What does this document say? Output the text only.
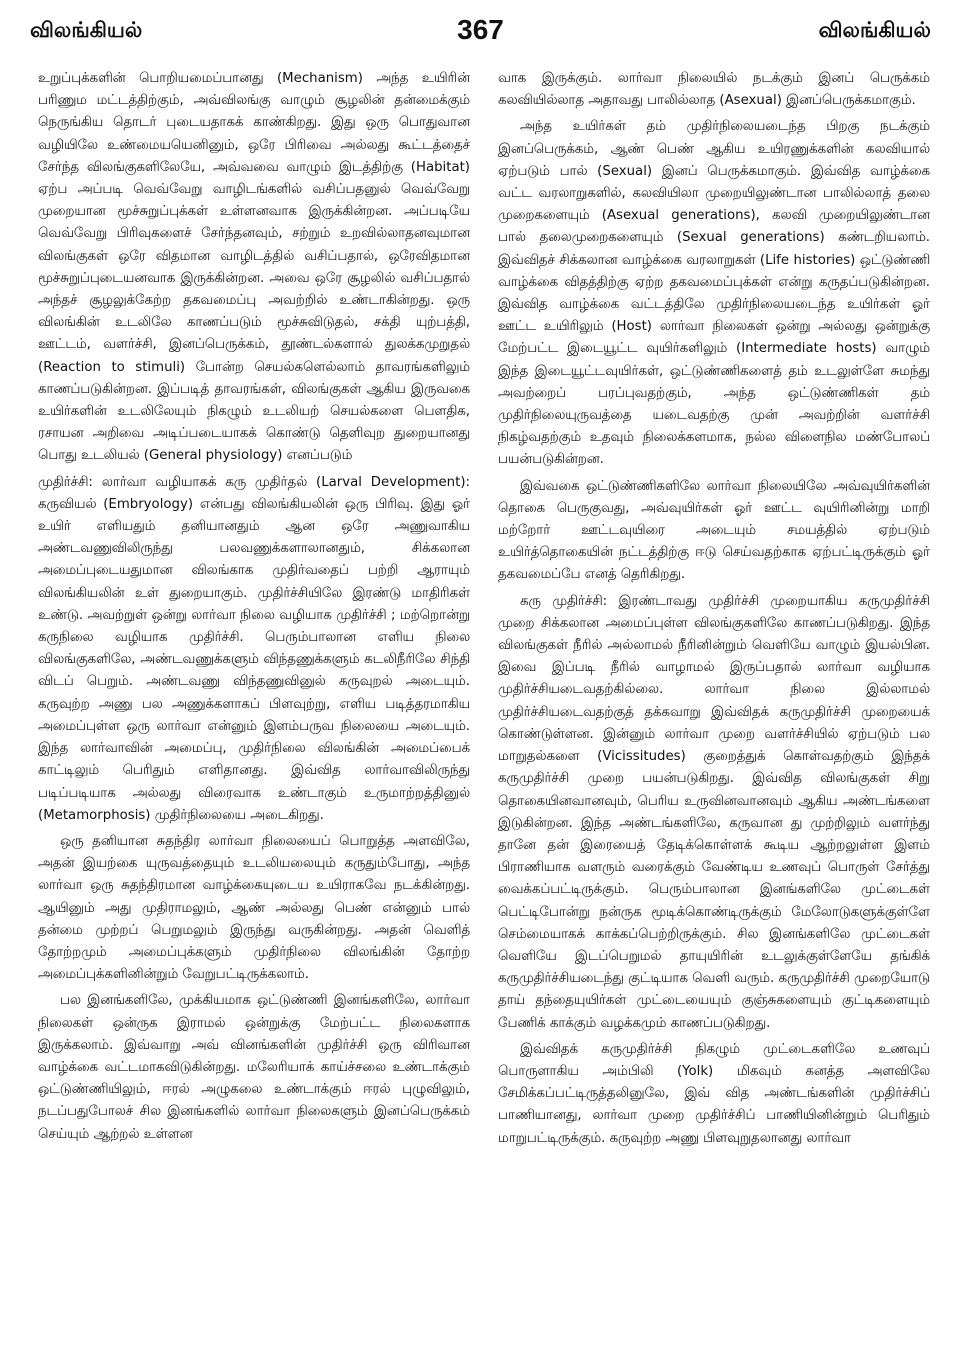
விலங்கியல்	367	விலங்கியல்

உறுப்புக்களின் பொறியமைப்பானது (Mechanism) அந்த உயிரின் பரிணும மட்டத்திற்கும், அவ்விலங்கு வாழும் சூழலின் தன்மைக்கும் நெருங்கிய தொடர் புடையதாகக் காண்கிறது. இது ஒரு பொதுவான வழியிலே உண்மையயெனினும், ஒரே பிரிவை அல்லது கூட்டத்தைச் சேர்ந்த விலங்குகளிலேயே, அவ்வவை வாழும் இடத்திற்கு (Habitat) ஏற்ப அப்படி வெவ்வேறு வாழிடங்களில் வசிப்பதனுல் வெவ்வேறு முறையான மூச்சுறுப்புக்கள் உள்ளனவாக இருக்கின்றன. அப்படியே வெவ்வேறு பிரிவுகளைச் சேர்ந்தனவும், சற்றும் உறவில்லாதனவுமான விலங்குகள் ஒரே விதமான வாழிடத்தில் வசிப்பதால், ஒரேவிதமான மூச்சுறுப்புடையனவாக இருக்கின்றன. அவை ஒரே சூழலில் வசிப்பதால் அந்தச் சூழலுக்கேற்ற தகவமைப்பு அவற்றில் உண்டாகின்றது. ஒரு விலங்கின் உடலிலே காணப்படும் மூச்சுவிடுதல், சக்தி யுற்பத்தி, ஊட்டம், வளர்ச்சி, இனப்பெருக்கம், தூண்டல்களால் துலக்கமுறுதல் (Reaction to stimuli) போன்ற செயல்களெல்லாம் தாவரங்களிலும் காணப்படுகின்றன. இப்படித் தாவரங்கள், விலங்குகள் ஆகிய இருவகை உயிர்களின் உடலிலேயும் நிகழும் உடலியற் செயல்களை பௌதிக, ரசாயன அறிவை அடிப்படையாகக் கொண்டு தெளிவுற துறையானது பொது உடலியல் (General physiology) எனப்படும்

முதிர்ச்சி: லார்வா வழியாகக் கரு முதிர்தல் (Larval Development): கருவியல் (Embryology) என்பது விலங்கியலின் ஒரு பிரிவு. இது ஓர் உயிர் எளியதும் தனியானதும் ஆன ஒரே அணுவாகிய அண்டவணுவிலிருந்து பலவணுக்களாலானதும், சிக்கலான அமைப்புடையதுமான விலங்காக முதிர்வதைப் பற்றி ஆராயும் விலங்கியலின் உள் துறையாகும். முதிர்ச்சியிலே இரண்டு மாதிரிகள் உண்டு. அவற்றுள் ஒன்று லார்வா நிலை வழியாக முதிர்ச்சி ; மற்றொன்று கருநிலை வழியாக முதிர்ச்சி. பெரும்பாலான எளிய நிலை விலங்குகளிலே, அண்டவணுக்களும் விந்தணுக்களும் கடலிநீரிலே சிந்தி விடப் பெறும். அண்டவணு விந்தணுவினுல் கருவுறல் அடையும். கருவுற்ற அணு பல அணுக்களாகப் பிளவுற்று, எளிய படித்தரமாகிய அமைப்புள்ள ஒரு லார்வா என்னும் இளம்பருவ நிலையை அடையும். இந்த லார்வாவின் அமைப்பு, முதிர்நிலை விலங்கின் அமைப்பைக் காட்டிலும் பெரிதும் எளிதானது. இவ்வித லார்வாவிலிருந்து படிப்படியாக அல்லது விரைவாக உண்டாகும் உருமாற்றத்தினுல் (Metamorphosis) முதிர்நிலையை அடைகிறது.

ஒரு தனியான சுதந்திர லார்வா நிலையைப் பொறுத்த அளவிலே, அதன் இயற்கை யுருவத்தையும் உடலியலையும் கருதும்போது, அந்த லார்வா ஒரு சுதந்திரமான வாழ்க்கையுடைய உயிராகவே நடக்கின்றது. ஆயினும் அது முதிராமலும், ஆண் அல்லது பெண் என்னும் பால் தன்மை முற்றப் பெறுமலும் இருந்து வருகின்றது. அதன் வெளித் தோற்றமும் அமைப்புக்களும் முதிர்நிலை விலங்கின் தோற்ற அமைப்புக்களினின்றும் வேறுபட்டிருக்கலாம்.

பல இனங்களிலே, முக்கியமாக ஒட்டுண்ணி இனங்களிலே, லார்வா நிலைகள் ஒன்ருக இராமல் ஒன்றுக்கு மேற்பட்ட நிலைகளாக இருக்கலாம். இவ்வாறு அவ் வினங்களின் முதிர்ச்சி ஒரு விரிவான வாழ்க்கை வட்டமாகவிடுகின்றது. மலேரியாக் காய்ச்சலை உண்டாக்கும் ஒட்டுண்ணியிலும், ஈரல் அழுகலை உண்டாக்கும் ஈரல் புழுவிலும், நடப்பதுபோலச் சில இனங்களில் லார்வா நிலைகளும் இனப்பெருக்கம் செய்யும் ஆற்றல் உள்ளன

வாக இருக்கும். லார்வா நிலையில் நடக்கும் இனப் பெருக்கம் கலவியில்லாத அதாவது பாலில்லாத (Asexual) இனப்பெருக்கமாகும்.

அந்த உயிர்கள் தம் முதிர்நிலையடைந்த பிறகு நடக்கும் இனப்பெருக்கம், ஆண் பெண் ஆகிய உயிரணுக்களின் கலவியால் ஏற்படும் பால் (Sexual) இனப் பெருக்கமாகும். இவ்வித வாழ்க்கை வட்ட வரலாறுகளில், கலவியிலா முறையிலுண்டான பாலில்லாத் தலை முறைகளையும் (Asexual generations), கலவி முறையிலுண்டான பால் தலைமுறைகளையும் (Sexual generations) கண்டறியலாம். இவ்விதச் சிக்கலான வாழ்க்கை வரலாறுகள் (Life histories) ஒட்டுண்ணி வாழ்க்கை விதத்திற்கு ஏற்ற தகவமைப்புக்கள் என்று கருதப்படுகின்றன. இவ்வித வாழ்க்கை வட்டத்திலே முதிர்நிலையடைந்த உயிர்கள் ஓர் ஊட்ட உயிரிலும் (Host) லார்வா நிலைகள் ஒன்று அல்லது ஒன்றுக்கு மேற்பட்ட இடையூட்ட வுயிர்களிலும் (Intermediate hosts) வாழும் இந்த இடையூட்டவுயிர்கள், ஒட்டுண்ணிகளைத் தம் உடலுள்ளே சுமந்து அவற்றைப் பரப்புவதற்கும், அந்த ஒட்டுண்ணிகள் தம் முதிர்நிலையுருவத்தை யடைவதற்கு முன் அவற்றின் வளர்ச்சி நிகழ்வதற்கும் உதவும் நிலைக்களமாக, நல்ல விளைநில மண்போலப் பயன்படுகின்றன.

இவ்வகை ஒட்டுண்ணிகளிலே லார்வா நிலையிலே அவ்வுயிர்களின் தொகை பெருகுவது, அவ்வுயிர்கள் ஓர் ஊட்ட வுயிரினின்று மாறி மற்றோர் ஊட்டவுயிரை அடையும் சமயத்தில் ஏற்படும் உயிர்த்தொகையின் நட்டத்திற்கு ஈடு செய்வதற்காக ஏற்பட்டிருக்கும் ஓர் தகவமைப்பே எனத் தெரிகிறது.

கரு முதிர்ச்சி: இரண்டாவது முதிர்ச்சி முறையாகிய கருமுதிர்ச்சி முறை சிக்கலான அமைப்புள்ள விலங்குகளிலே காணப்படுகிறது. இந்த விலங்குகள் நீரில் அல்லாமல் நீரினின்றும் வெளியே வாழும் இயல்பின. இவை இப்படி நீரில் வாழாமல் இருப்பதால் லார்வா வழியாக முதிர்ச்சியடைவதற்கில்லை. லார்வா நிலை இல்லாமல் முதிர்ச்சியடைவதற்குத் தக்கவாறு இவ்விதக் கருமுதிர்ச்சி முறையைக் கொண்டுள்ளன. இன்னும் லார்வா முறை வளர்ச்சியில் ஏற்படும் பல மாறுதல்களை (Vicissitudes) குறைத்துக் கொள்வதற்கும் இந்தக் கருமுதிர்ச்சி முறை பயன்படுகிறது. இவ்வித விலங்குகள் சிறு தொகையினவானவும், பெரிய உருவினவானவும் ஆகிய அண்டங்களை இடுகின்றன. இந்த அண்டங்களிலே, கருவான து முற்றிலும் வளர்ந்து தானே தன் இரையைத் தேடிக்கொள்ளக் கூடிய ஆற்றலுள்ள இளம் பிராணியாக வளரும் வரைக்கும் வேண்டிய உணவுப் பொருள் சேர்த்து வைக்கப்பட்டிருக்கும். பெரும்பாலான இனங்களிலே முட்டைகள் பெட்டிபோன்று நன்ருக மூடிக்கொண்டிருக்கும் மேலோடுகளுக்குள்ளே செம்மையாகக் காக்கப்பெற்றிருக்கும். சில இனங்களிலே முட்டைகள் வெளியே இடப்பெறுமல் தாயுயிரின் உடலுக்குள்ளேயே தங்கிக் கருமுதிர்ச்சியடைந்து குட்டியாக வெளி வரும். கருமுதிர்ச்சி முறையோடு தாய் தந்தையுயிர்கள் முட்டையையும் குஞ்சுகளையும் குட்டிகளையும் பேணிக் காக்கும் வழக்கமும் காணப்படுகிறது.

இவ்விதக் கருமுதிர்ச்சி நிகழும் முட்டைகளிலே உணவுப் பொருளாகிய அம்பிலி (Yolk) மிகவும் கனத்த அளவிலே சேமிக்கப்பட்டிருத்தலினுலே, இவ் வித அண்டங்களின் முதிர்ச்சிப் பாணியானது, லார்வா முறை முதிர்ச்சிப் பாணியினின்றும் பெரிதும் மாறுபட்டிருக்கும். கருவுற்ற அணு பிளவுறுதலானது லார்வா
